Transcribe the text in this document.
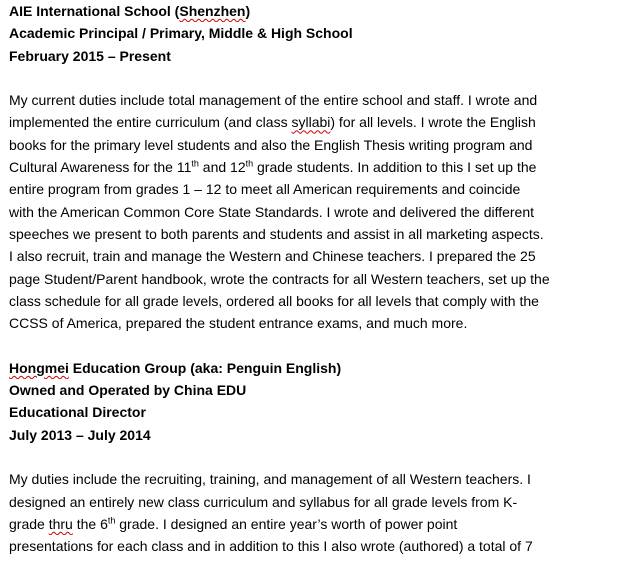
AIE International School (Shenzhen)
Academic Principal / Primary, Middle & High School
February 2015 – Present
My current duties include total management of the entire school and staff. I wrote and
implemented the entire curriculum (and class syllabi) for all levels. I wrote the English
books for the primary level students and also the English Thesis writing program and
Cultural Awareness for the 11th and 12th grade students. In addition to this I set up the
entire program from grades 1 – 12 to meet all American requirements and coincide
with the American Common Core State Standards. I wrote and delivered the different
speeches we present to both parents and students and assist in all marketing aspects.
I also recruit, train and manage the Western and Chinese teachers. I prepared the 25
page Student/Parent handbook, wrote the contracts for all Western teachers, set up the
class schedule for all grade levels, ordered all books for all levels that comply with the
CCSS of America, prepared the student entrance exams, and much more.
Hongmei Education Group (aka: Penguin English)
Owned and Operated by China EDU
Educational Director
July 2013 – July 2014
My duties include the recruiting, training, and management of all Western teachers. I
designed an entirely new class curriculum and syllabus for all grade levels from K-
grade thru the 6th grade. I designed an entire year’s worth of power point
presentations for each class and in addition to this I also wrote (authored) a total of 7
